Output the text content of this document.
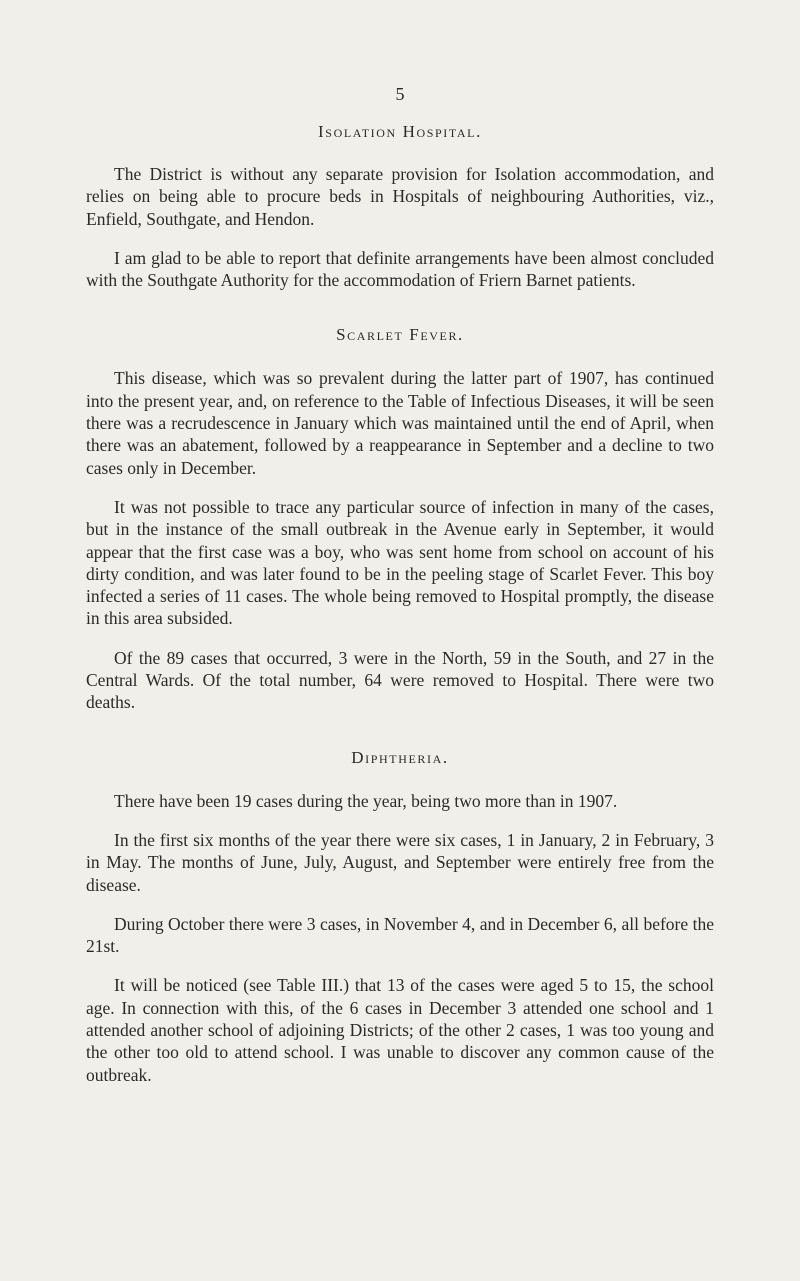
5
Isolation Hospital.

The District is without any separate provision for Isolation accommodation, and relies on being able to procure beds in Hospitals of neighbouring Authorities, viz., Enfield, Southgate, and Hendon.

I am glad to be able to report that definite arrangements have been almost concluded with the Southgate Authority for the accommodation of Friern Barnet patients.

Scarlet Fever.

This disease, which was so prevalent during the latter part of 1907, has continued into the present year, and, on reference to the Table of Infectious Diseases, it will be seen there was a recrudescence in January which was maintained until the end of April, when there was an abatement, followed by a reappearance in September and a decline to two cases only in December.

It was not possible to trace any particular source of infection in many of the cases, but in the instance of the small outbreak in the Avenue early in September, it would appear that the first case was a boy, who was sent home from school on account of his dirty condition, and was later found to be in the peeling stage of Scarlet Fever. This boy infected a series of 11 cases. The whole being removed to Hospital promptly, the disease in this area subsided.

Of the 89 cases that occurred, 3 were in the North, 59 in the South, and 27 in the Central Wards. Of the total number, 64 were removed to Hospital. There were two deaths.

Diphtheria.

There have been 19 cases during the year, being two more than in 1907.

In the first six months of the year there were six cases, 1 in January, 2 in February, 3 in May. The months of June, July, August, and September were entirely free from the disease.

During October there were 3 cases, in November 4, and in December 6, all before the 21st.

It will be noticed (see Table III.) that 13 of the cases were aged 5 to 15, the school age. In connection with this, of the 6 cases in December 3 attended one school and 1 attended another school of adjoining Districts; of the other 2 cases, 1 was too young and the other too old to attend school. I was unable to discover any common cause of the outbreak.
